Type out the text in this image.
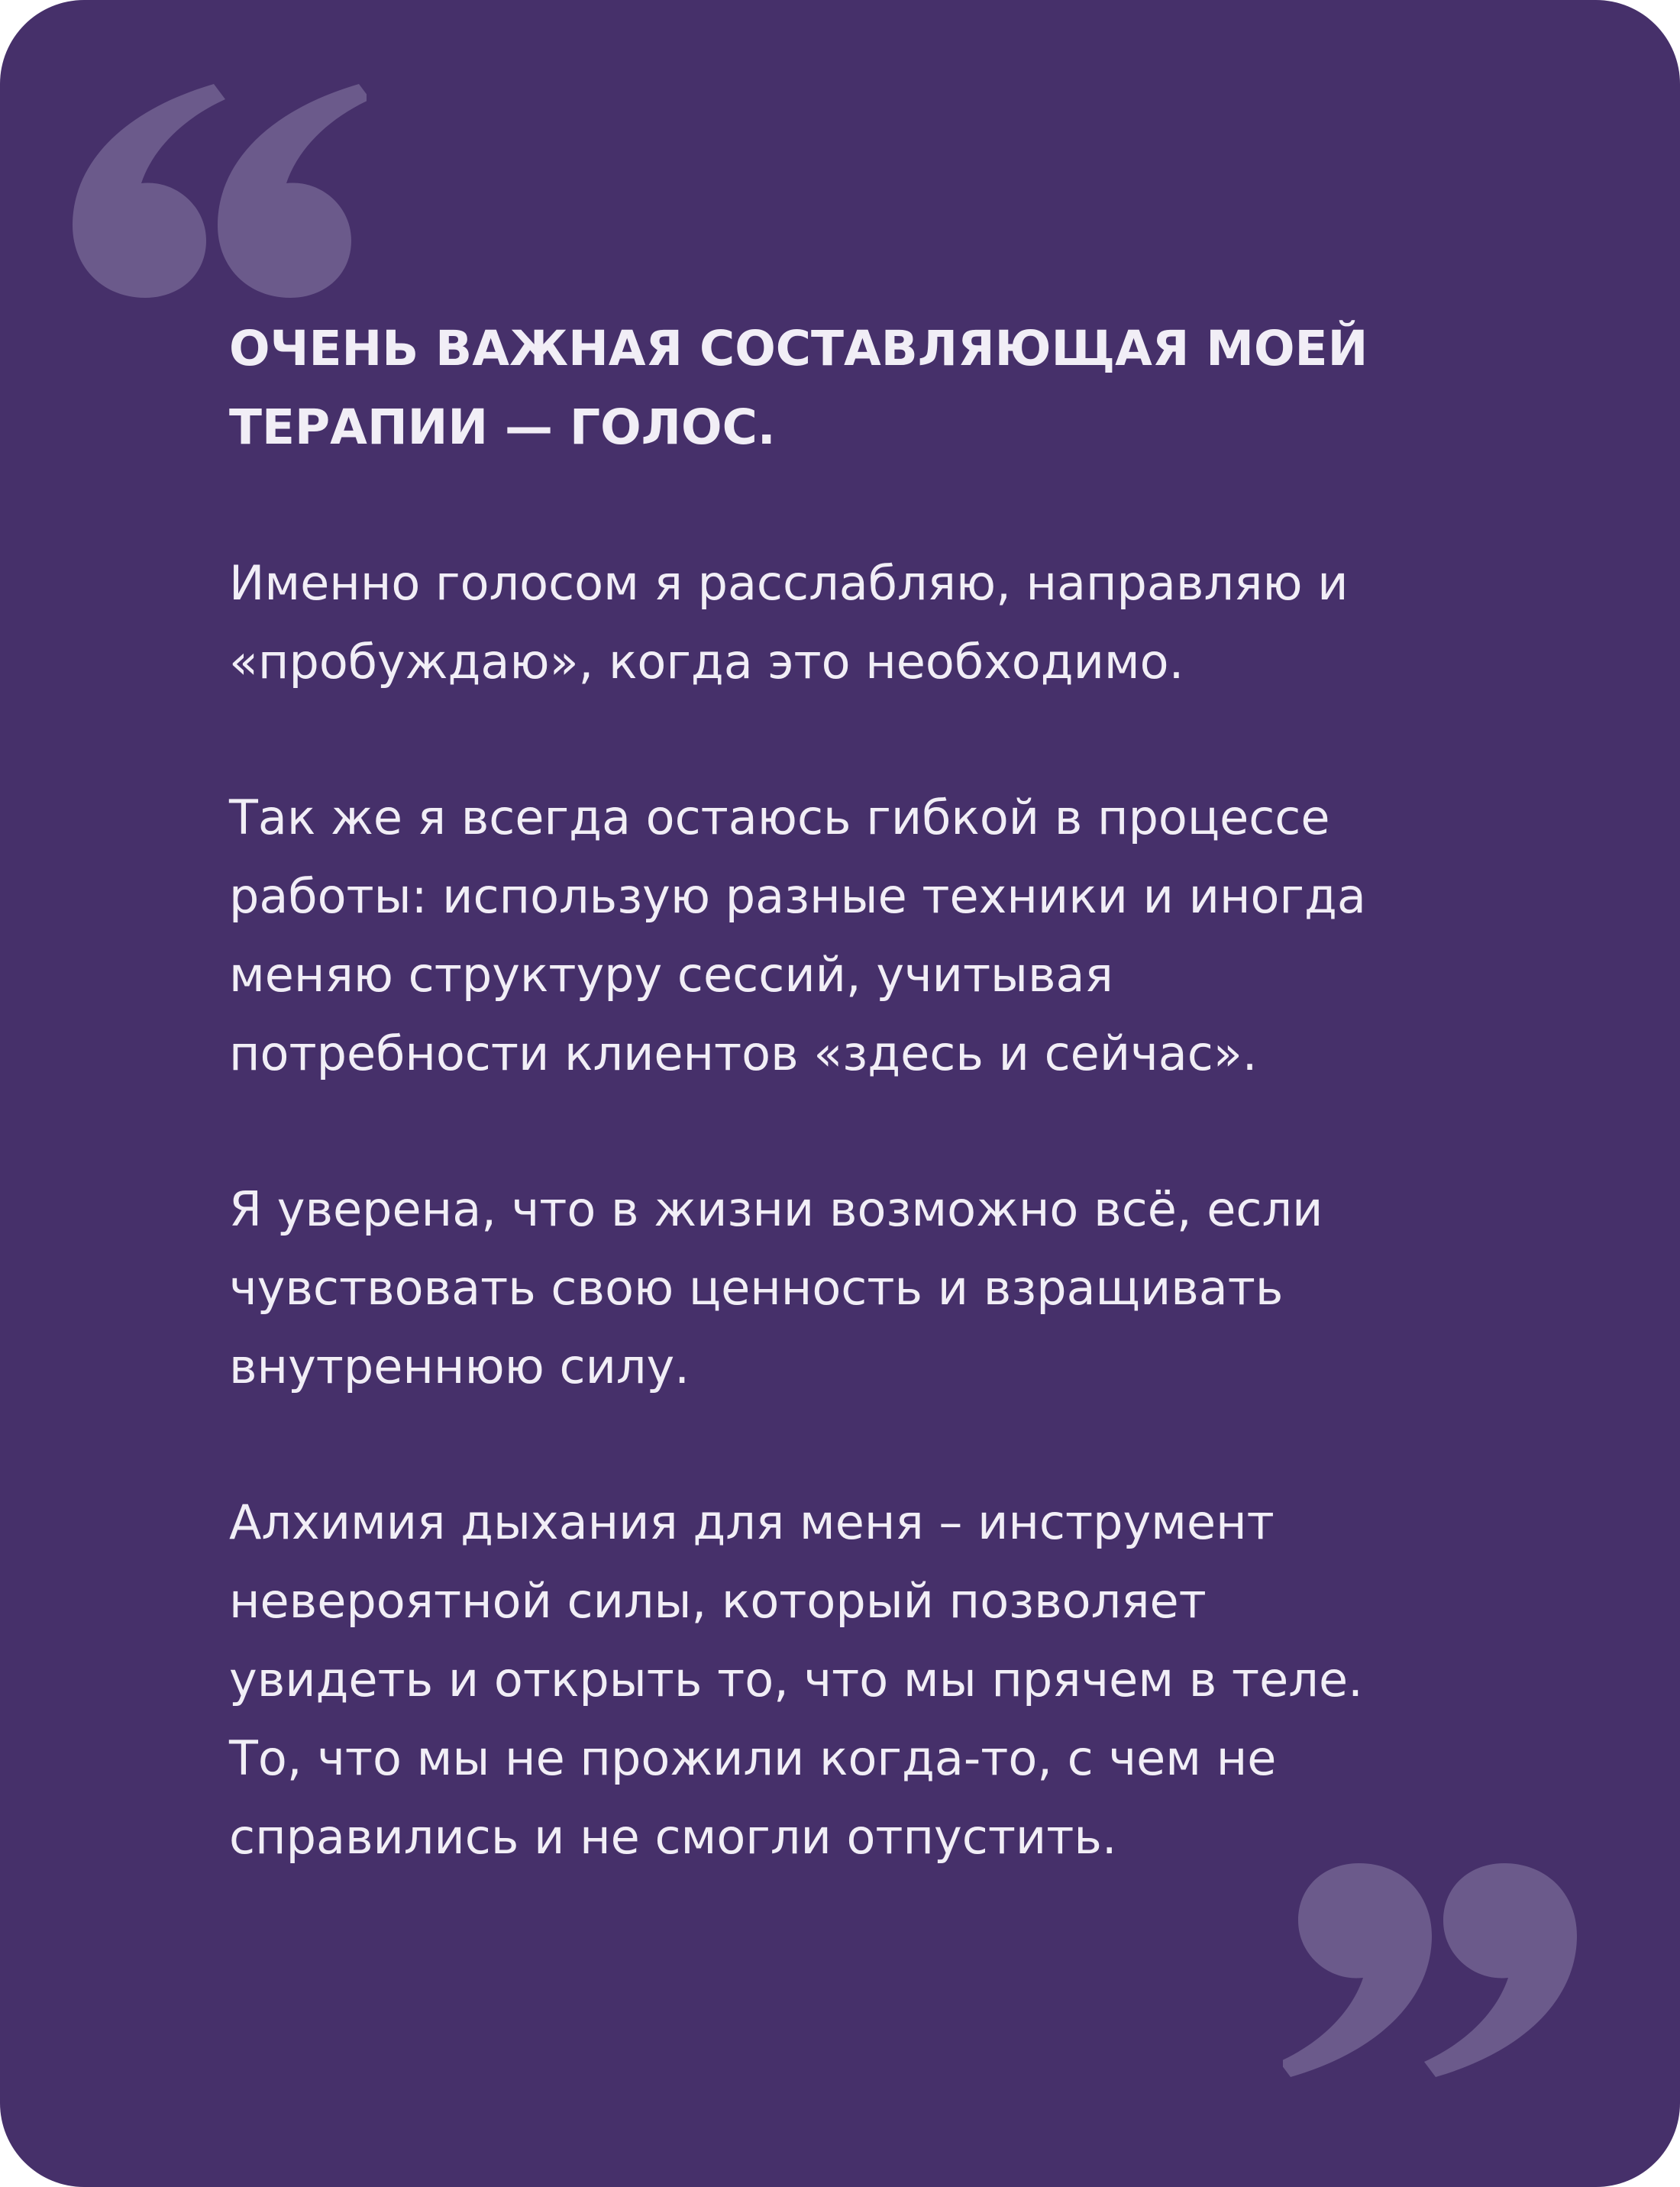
ОЧЕНЬ ВАЖНАЯ СОСТАВЛЯЮЩАЯ МОЕЙ
ТЕРАПИИ — ГОЛОС.

Именно голосом я расслабляю, направляю и
«пробуждаю», когда это необходимо.

Так же я всегда остаюсь гибкой в процессе
работы: использую разные техники и иногда
меняю структуру сессий, учитывая
потребности клиентов «здесь и сейчас».

Я уверена, что в жизни возможно всё, если
чувствовать свою ценность и взращивать
внутреннюю силу.

Алхимия дыхания для меня – инструмент
невероятной силы, который позволяет
увидеть и открыть то, что мы прячем в теле.
То, что мы не прожили когда-то, с чем не
справились и не смогли отпустить.
